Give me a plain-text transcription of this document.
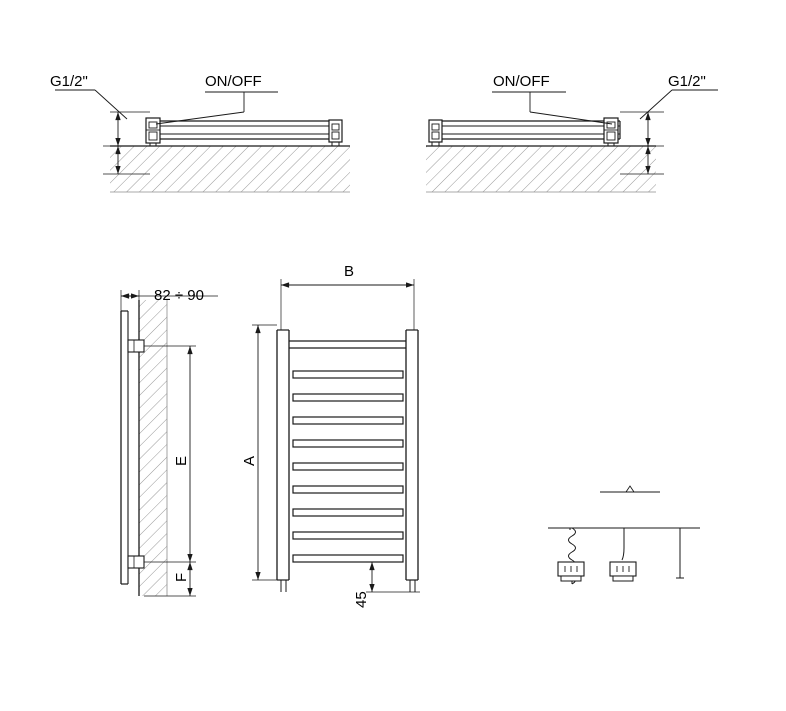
G1/2"	ON/OFF	ON/OFF	G1/2"
82 ÷ 90
E
F
B
A
45
